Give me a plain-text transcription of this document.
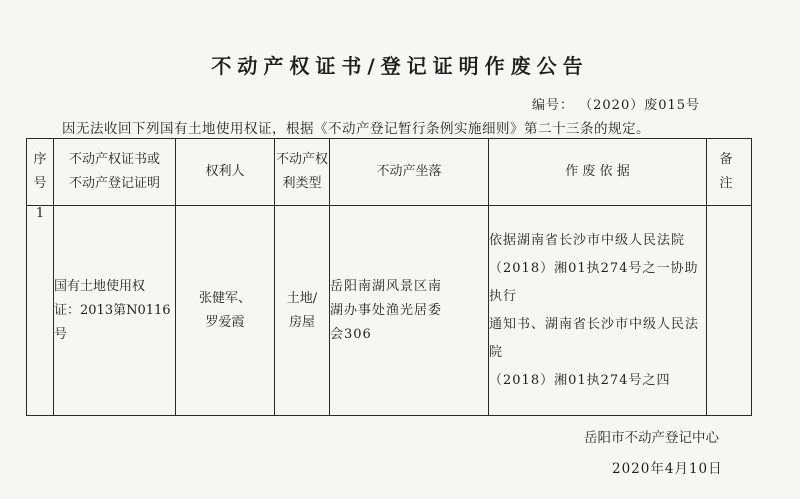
不动产权证书/登记证明作废公告
编号： （2020）废015号
因无法收回下列国有土地使用权证，根据《不动产登记暂行条例实施细则》第二十三条的规定。
序
号	不动产权证书或
不动产登记证明	权利人	不动产权
利类型	不动产坐落	作 废 依 据	备
注

1	国有土地使用权
证：2013第N0116
号	张健军、
罗爱霞	土地/
房屋	岳阳南湖风景区南
湖办事处渔光居委
会306	依据湖南省长沙市中级人民法院
（2018）湘01执274号之一协助执行
通知书、湖南省长沙市中级人民法院
（2018）湘01执274号之四	

岳阳市不动产登记中心
2020年4月10日
